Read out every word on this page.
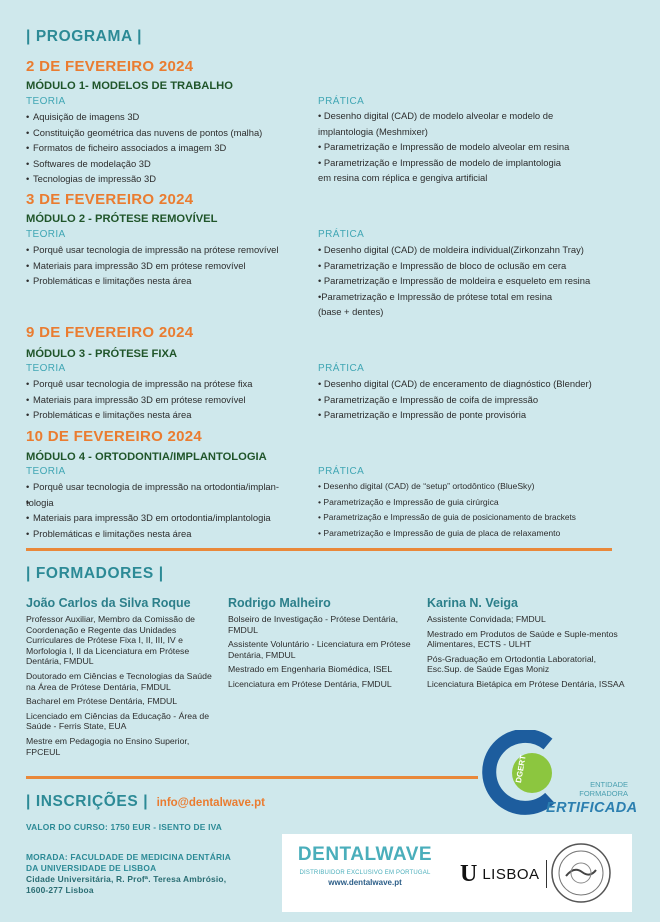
| PROGRAMA |
2 DE FEVEREIRO 2024
MÓDULO 1- MODELOS DE TRABALHO
TEORIA
• Aquisição de imagens 3D
• Constituição geométrica das nuvens de pontos (malha)
• Formatos de ficheiro associados a imagem 3D
• Softwares de modelação 3D
• Tecnologias de impressão 3D
PRÁTICA
• Desenho digital (CAD) de modelo alveolar e modelo de
implantologia (Meshmixer)
• Parametrização e Impressão de modelo alveolar em resina
• Parametrização e Impressão de modelo de implantologia
em resina com réplica e gengiva artificial
3 DE FEVEREIRO 2024
MÓDULO 2 - PRÓTESE REMOVÍVEL
TEORIA
• Porquê usar tecnologia de impressão na prótese removível
• Materiais para impressão 3D em prótese removível
• Problemáticas e limitações nesta área
PRÁTICA
• Desenho digital (CAD) de moldeira individual(Zirkonzahn Tray)
• Parametrização e Impressão de bloco de oclusão em cera
• Parametrização e Impressão de moldeira e esqueleto em resina
•Parametrização e Impressão de prótese total em resina
(base + dentes)
9 DE FEVEREIRO 2024
MÓDULO 3 - PRÓTESE FIXA
TEORIA
• Porquê usar tecnologia de impressão na prótese fixa
• Materiais para impressão 3D em prótese removível
• Problemáticas e limitações nesta área
PRÁTICA
• Desenho digital (CAD) de enceramento de diagnóstico (Blender)
• Parametrização e Impressão de coifa de impressão
• Parametrização e Impressão de ponte provisória
10 DE FEVEREIRO 2024
MÓDULO 4 - ORTODONTIA/IMPLANTOLOGIA
TEORIA
• Porquê usar tecnologia de impressão na ortodontia/implan-
• tologia
• Materiais para impressão 3D em ortodontia/implantologia
• Problemáticas e limitações nesta área
PRÁTICA
• Desenho digital (CAD) de “setup” ortodôntico (BlueSky)
• Parametrização e Impressão de guia cirúrgica
• Parametrização e Impressão de guia de posicionamento de brackets
• Parametrização e Impressão de guia de placa de relaxamento
| FORMADORES |
João Carlos da Silva Roque
Professor Auxiliar, Membro da Comissão de Coordenação e Regente das Unidades Curriculares de Prótese Fixa I, II, III, IV e Morfologia I, II da Licenciatura em Prótese Dentária, FMDUL
Doutorado em Ciências e Tecnologias da Saúde na Área de Prótese Dentária, FMDUL
Bacharel em Prótese Dentária, FMDUL
Licenciado em Ciências da Educação - Área de Saúde - Ferris State, EUA
Mestre em Pedagogia no Ensino Superior, FPCEUL
Rodrigo Malheiro
Bolseiro de Investigação - Prótese Dentária, FMDUL
Assistente Voluntário - Licenciatura em Prótese Dentária, FMDUL
Mestrado em Engenharia Biomédica, ISEL
Licenciatura em Prótese Dentária, FMDUL
Karina N. Veiga
Assistente Convidada; FMDUL
Mestrado em Produtos de Saúde e Suple-mentos Alimentares, ECTS - ULHT
Pós-Graduação em Ortodontia Laboratorial, Esc.Sup. de Saúde Egas Moniz
Licenciatura Bietápica em Prótese Dentária, ISSAA
DGERT
ENTIDADE
FORMADORA
ERTIFICADA
| INSCRIÇÕES | info@dentalwave.pt
VALOR DO CURSO: 1750 EUR - ISENTO DE IVA
MORADA: FACULDADE DE MEDICINA DENTÁRIA
DA UNIVERSIDADE DE LISBOA
Cidade Universitária, R. Profª. Teresa Ambrósio,
1600-277 Lisboa
DENTALWAVE
DISTRIBUIDOR EXCLUSIVO EM PORTUGAL
www.dentalwave.pt	U LISBOA
